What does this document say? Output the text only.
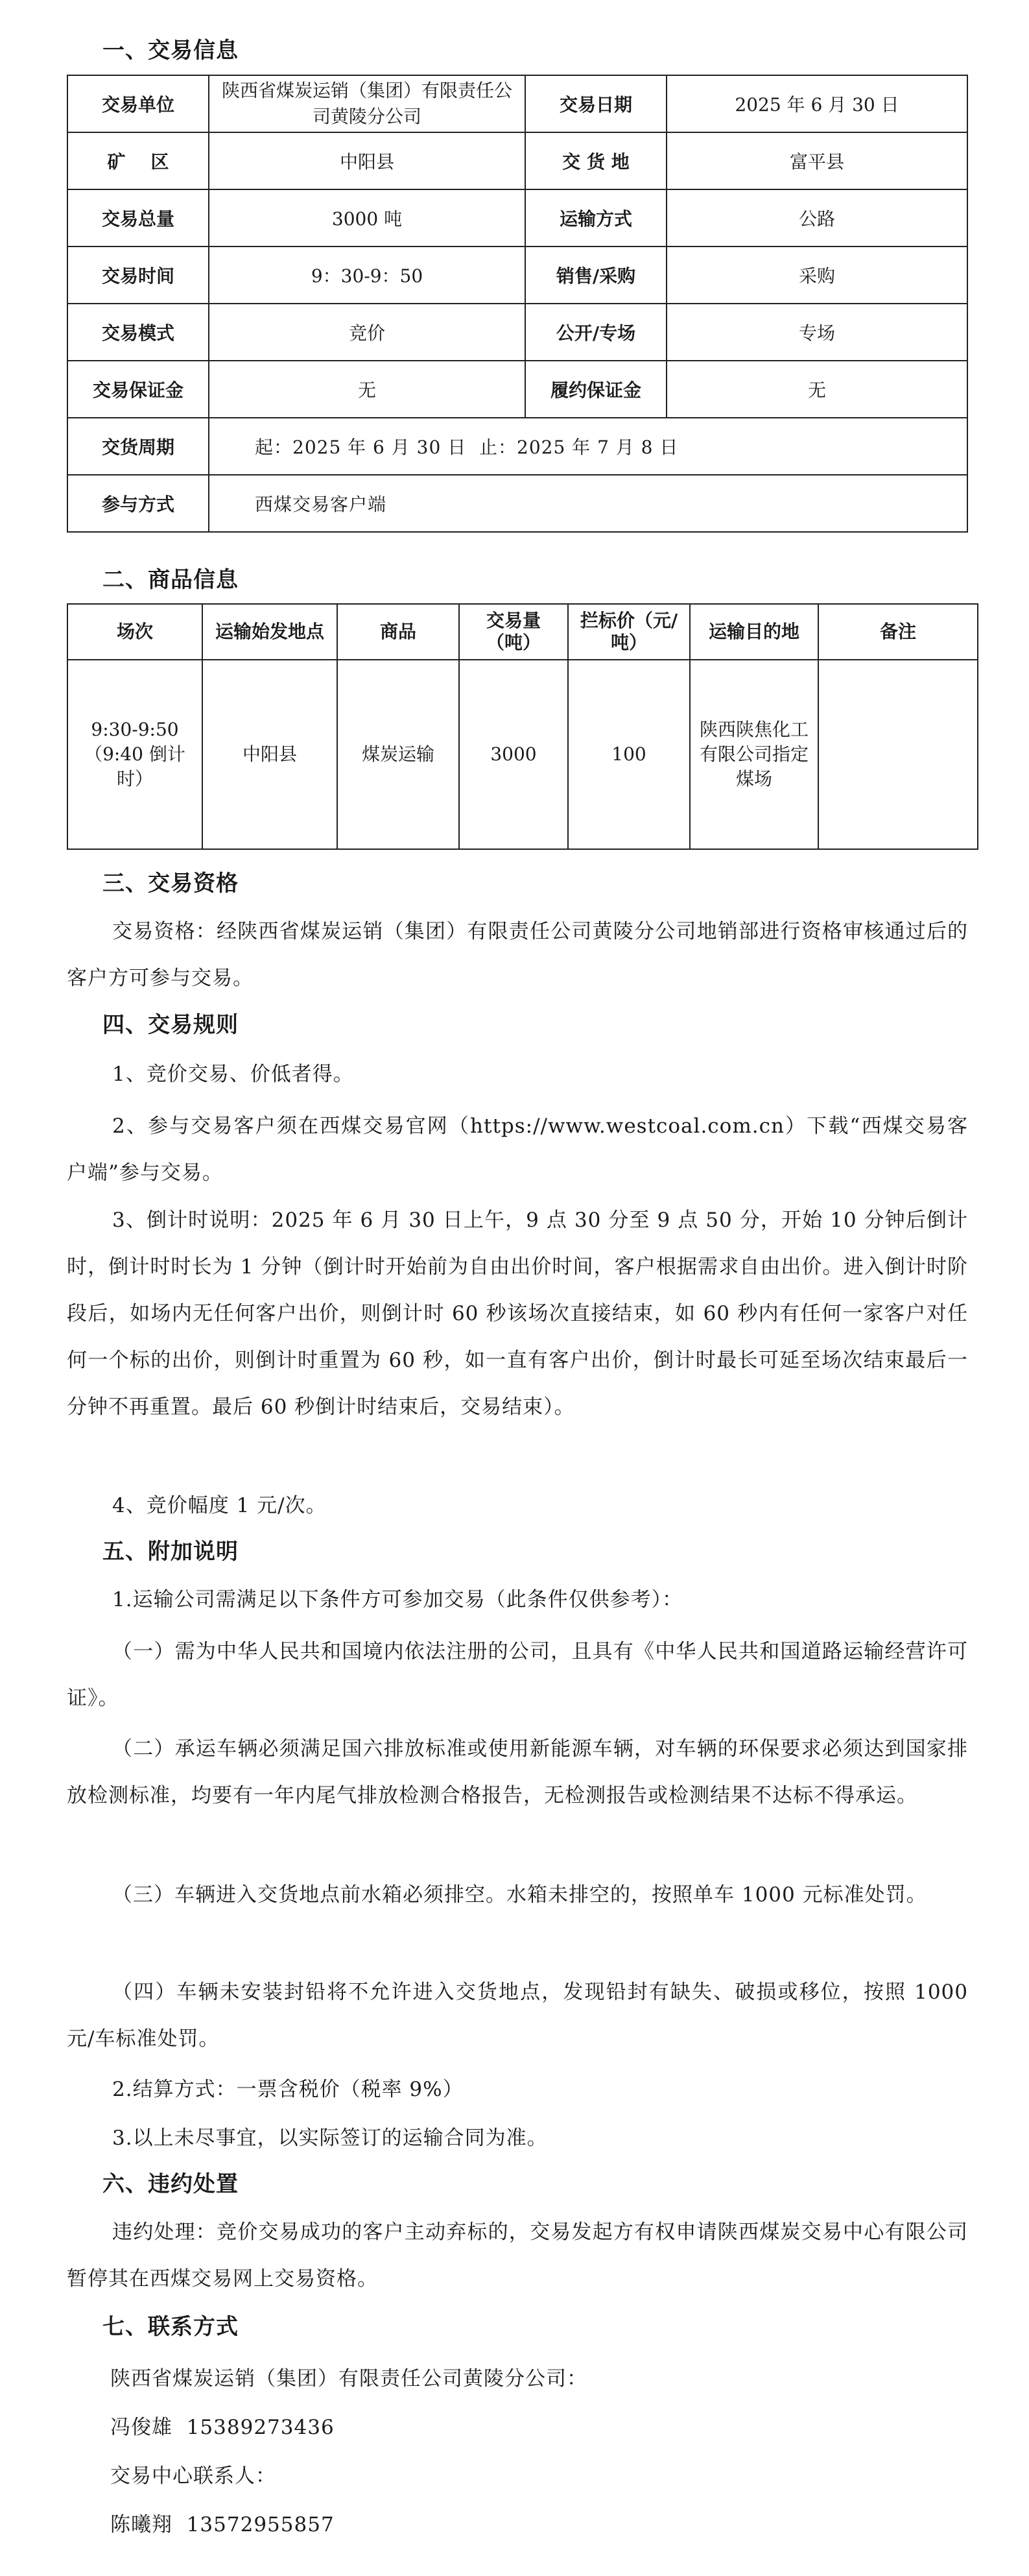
一、交易信息
交易单位	陕西省煤炭运销（集团）有限责任公司黄陵分公司	交易日期	2025 年 6 月 30 日
矿    区	中阳县	交 货 地	富平县
交易总量	3000 吨	运输方式	公路
交易时间	9：30-9：50	销售/采购	采购
交易模式	竞价	公开/专场	专场
交易保证金	无	履约保证金	无
交货周期	起：2025 年 6 月 30 日  止：2025 年 7 月 8 日		
参与方式	西煤交易客户端		
二、商品信息
场次	运输始发地点	商品	交易量（吨）	拦标价（元/吨）	运输目的地	备注
9:30-9:50（9:40 倒计时）	中阳县	煤炭运输	3000	100	陕西陕焦化工有限公司指定煤场	
三、交易资格
交易资格：经陕西省煤炭运销（集团）有限责任公司黄陵分公司地销部进行资格审核通过后的客户方可参与交易。
四、交易规则
1、竞价交易、价低者得。
2、参与交易客户须在西煤交易官网（https://www.westcoal.com.cn）下载“西煤交易客户端”参与交易。
3、倒计时说明：2025 年 6 月 30 日上午，9 点 30 分至 9 点 50 分，开始 10 分钟后倒计时，倒计时时长为 1 分钟（倒计时开始前为自由出价时间，客户根据需求自由出价。进入倒计时阶段后，如场内无任何客户出价，则倒计时 60 秒该场次直接结束，如 60 秒内有任何一家客户对任何一个标的出价，则倒计时重置为 60 秒，如一直有客户出价，倒计时最长可延至场次结束最后一分钟不再重置。最后 60 秒倒计时结束后，交易结束）。
4、竞价幅度 1 元/次。
五、附加说明
1.运输公司需满足以下条件方可参加交易（此条件仅供参考）：
（一）需为中华人民共和国境内依法注册的公司，且具有《中华人民共和国道路运输经营许可证》。
（二）承运车辆必须满足国六排放标准或使用新能源车辆，对车辆的环保要求必须达到国家排放检测标准，均要有一年内尾气排放检测合格报告，无检测报告或检测结果不达标不得承运。
（三）车辆进入交货地点前水箱必须排空。水箱未排空的，按照单车 1000 元标准处罚。
（四）车辆未安装封铅将不允许进入交货地点，发现铅封有缺失、破损或移位，按照 1000 元/车标准处罚。
2.结算方式：一票含税价（税率 9%）
3.以上未尽事宜，以实际签订的运输合同为准。
六、违约处置
违约处理：竞价交易成功的客户主动弃标的，交易发起方有权申请陕西煤炭交易中心有限公司暂停其在西煤交易网上交易资格。
七、联系方式
陕西省煤炭运销（集团）有限责任公司黄陵分公司：
冯俊雄  15389273436
交易中心联系人：
陈曦翔  13572955857
